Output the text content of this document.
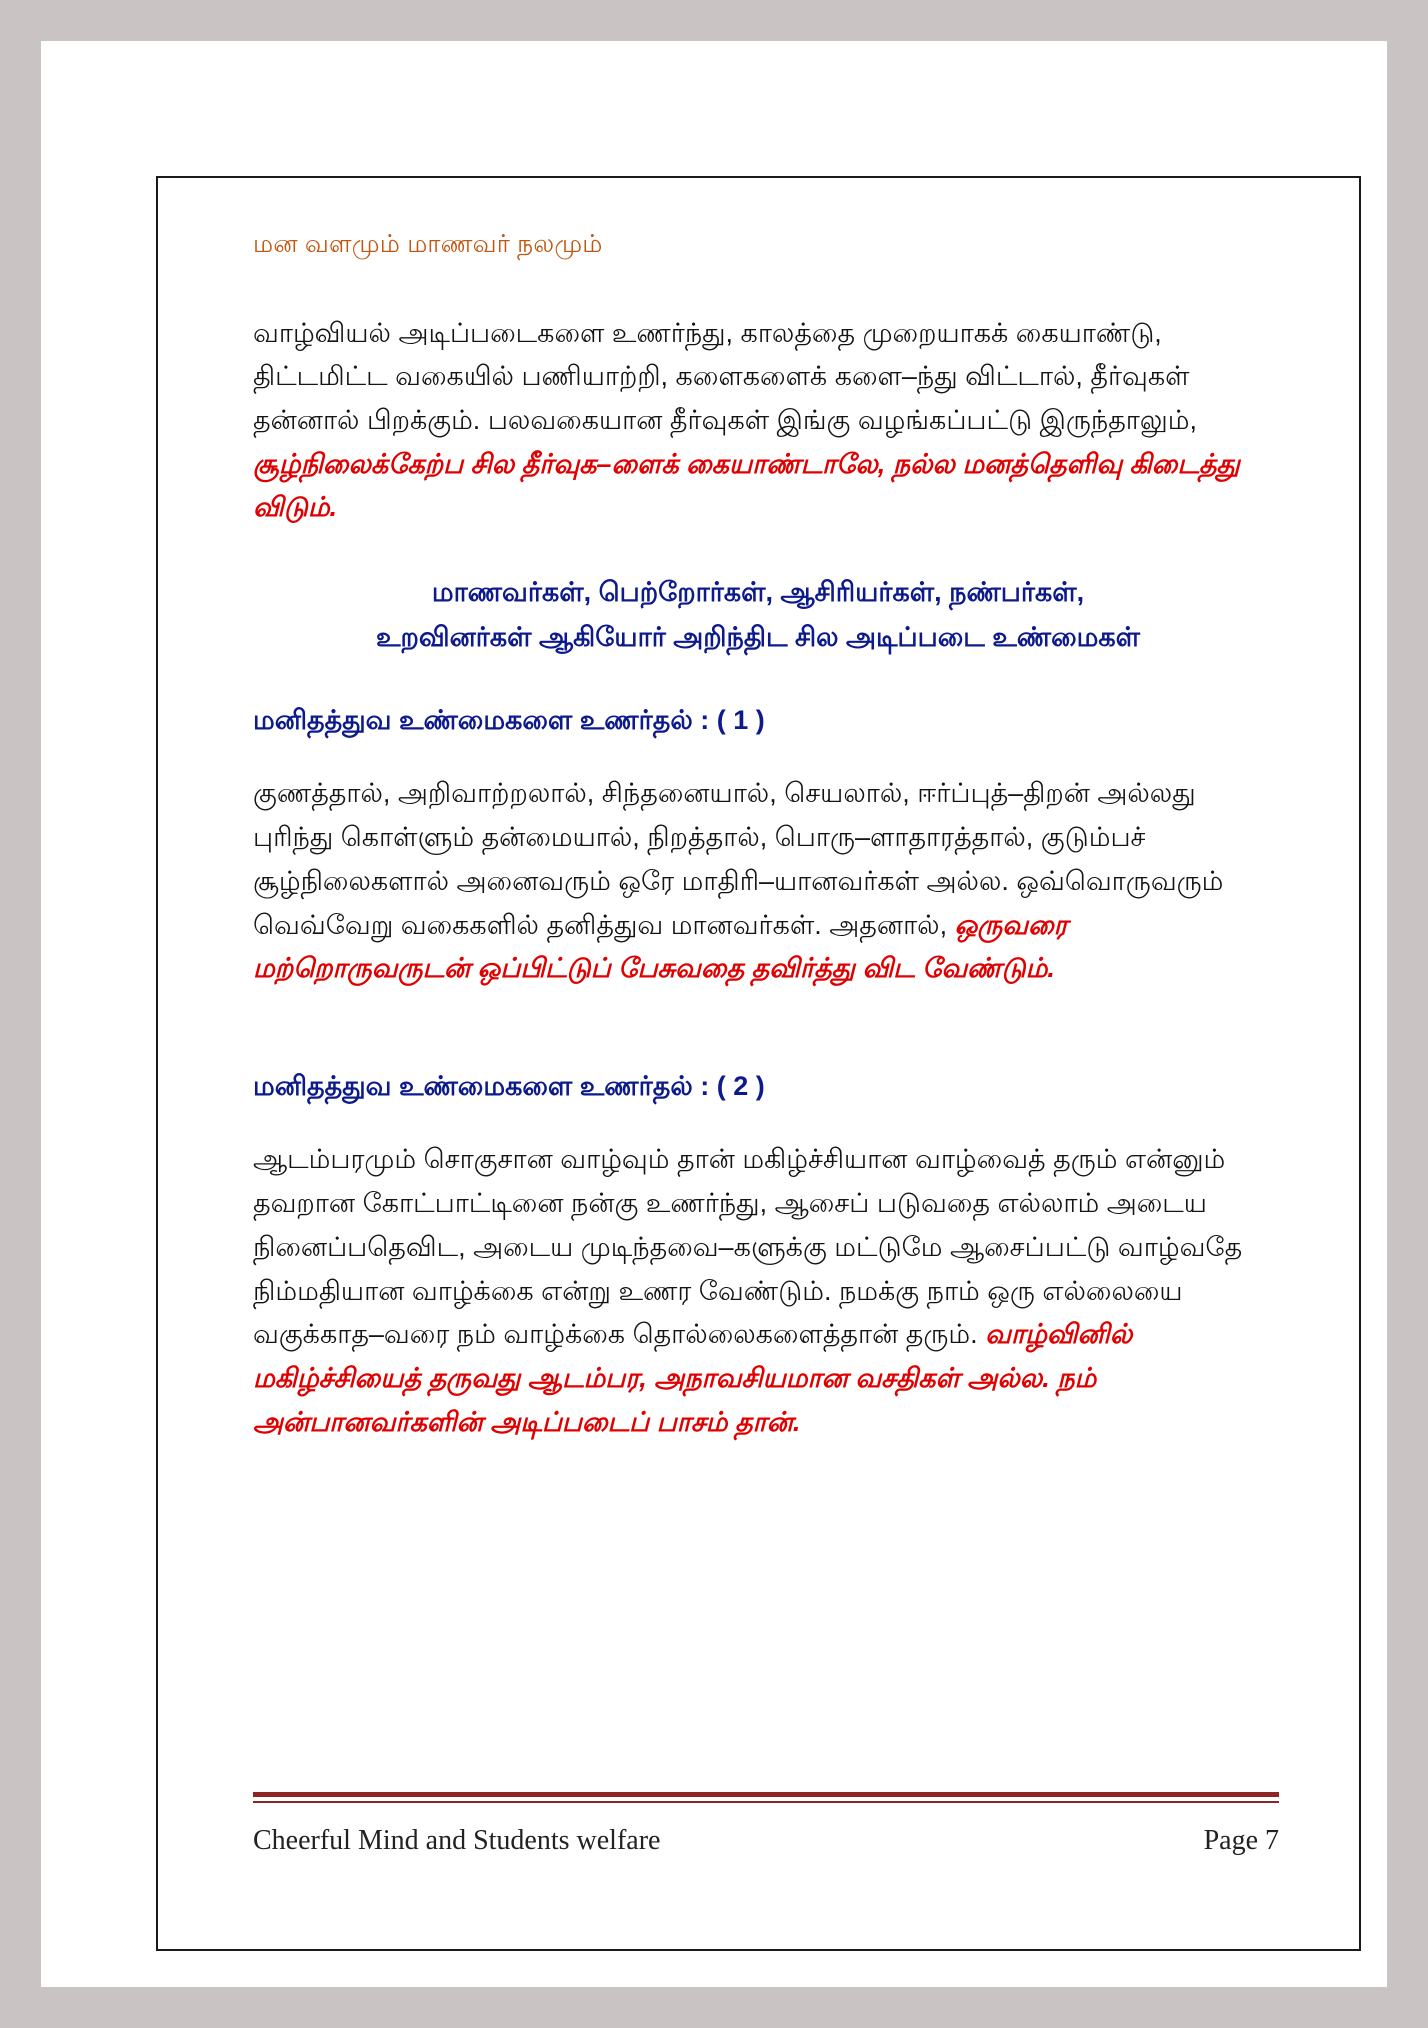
மன வளமும் மாணவர் நலமும்
வாழ்வியல் அடிப்படைகளை உணர்ந்து, காலத்தை முறையாகக் கையாண்டு, திட்டமிட்ட வகையில் பணியாற்றி, களைகளைக் களை–ந்து விட்டால், தீர்வுகள் தன்னால் பிறக்கும். பலவகையான தீர்வுகள் இங்கு வழங்கப்பட்டு இருந்தாலும், சூழ்நிலைக்கேற்ப சில தீர்வுக–ளைக் கையாண்டாலே, நல்ல மனத்தெளிவு கிடைத்து விடும்.
மாணவர்கள், பெற்றோர்கள், ஆசிரியர்கள், நண்பர்கள்,
உறவினர்கள் ஆகியோர் அறிந்திட சில அடிப்படை உண்மைகள்
மனிதத்துவ உண்மைகளை உணர்தல் : ( 1 )
குணத்தால், அறிவாற்றலால், சிந்தனையால், செயலால், ஈர்ப்புத்–திறன் அல்லது புரிந்து கொள்ளும் தன்மையால், நிறத்தால், பொரு–ளாதாரத்தால், குடும்பச் சூழ்நிலைகளால் அனைவரும் ஒரே மாதிரி–யானவர்கள் அல்ல. ஒவ்வொருவரும் வெவ்வேறு வகைகளில் தனித்துவ மானவர்கள். அதனால், ஒருவரை மற்றொருவருடன் ஒப்பிட்டுப் பேசுவதை தவிர்த்து விட வேண்டும்.
மனிதத்துவ உண்மைகளை உணர்தல் : ( 2 )
ஆடம்பரமும் சொகுசான வாழ்வும் தான் மகிழ்ச்சியான வாழ்வைத் தரும் என்னும் தவறான கோட்பாட்டினை நன்கு உணர்ந்து, ஆசைப் படுவதை எல்லாம் அடைய நினைப்பதெவிட, அடைய முடிந்தவை–களுக்கு மட்டுமே ஆசைப்பட்டு வாழ்வதே நிம்மதியான வாழ்க்கை என்று உணர வேண்டும். நமக்கு நாம் ஒரு எல்லையை வகுக்காத–வரை நம் வாழ்க்கை தொல்லைகளைத்தான் தரும். வாழ்வினில் மகிழ்ச்சியைத் தருவது ஆடம்பர, அநாவசியமான வசதிகள் அல்ல. நம் அன்பானவர்களின் அடிப்படைப் பாசம் தான்.
Cheerful Mind and Students welfare	Page 7
